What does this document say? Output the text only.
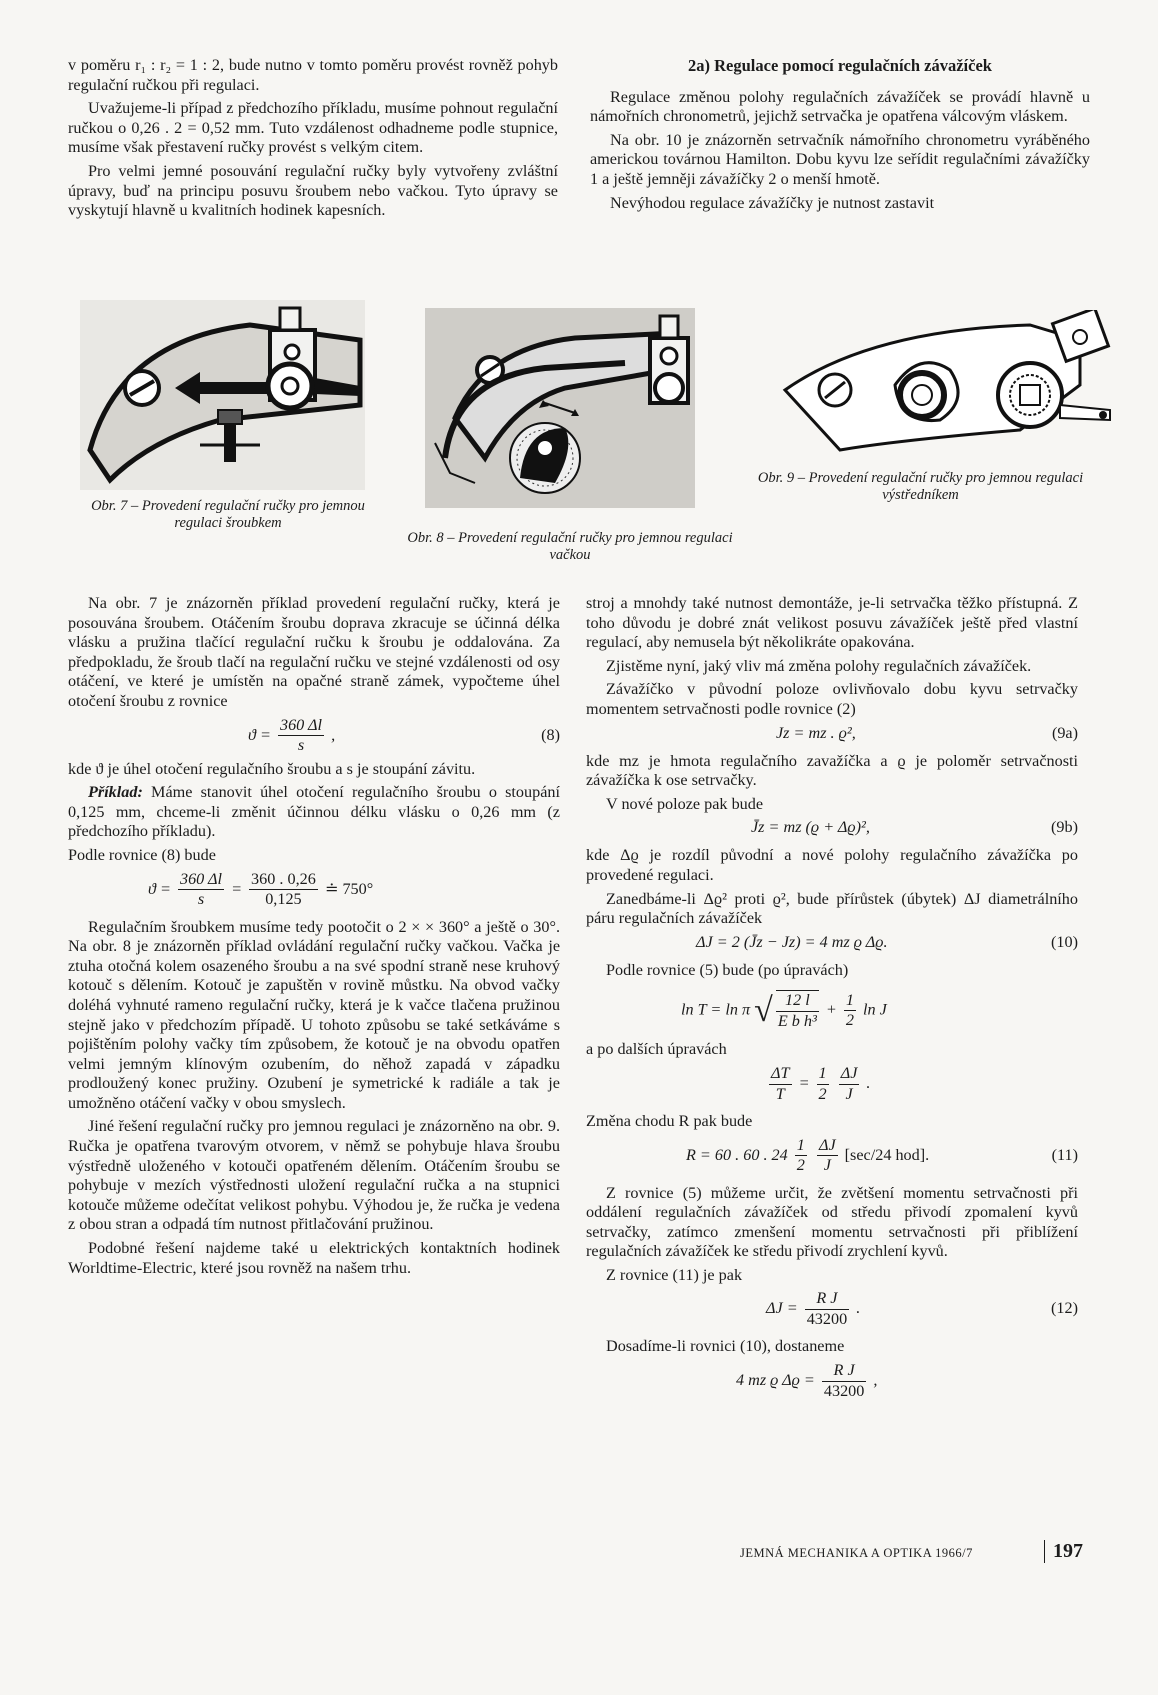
v poměru r₁ : r₂ = 1 : 2, bude nutno v tomto poměru provést rovněž pohyb regulační ručkou při regulaci.

Uvažujeme-li případ z předchozího příkladu, musíme pohnout regulační ručkou o 0,26 . 2 = 0,52 mm. Tuto vzdálenost odhadneme podle stupnice, musíme však přestavení ručky provést s velkým citem.

Pro velmi jemné posouvání regulační ručky byly vytvořeny zvláštní úpravy, buď na principu posuvu šroubem nebo vačkou. Tyto úpravy se vyskytují hlavně u kvalitních hodinek kapesních.

2a) Regulace pomocí regulačních závažíček

Regulace změnou polohy regulačních závažíček se provádí hlavně u námořních chronometrů, jejichž setrvačka je opatřena válcovým vláskem.

Na obr. 10 je znázorněn setrvačník námořního chronometru vyráběného americkou továrnou Hamilton. Dobu kyvu lze seřídit regulačními závažíčky 1 a ještě jemněji závažíčky 2 o menší hmotě.

Nevýhodou regulace závažíčky je nutnost zastavit

Obr. 7 – Provedení regulační ručky pro jemnou regulaci šroubkem
Obr. 8 – Provedení regulační ručky pro jemnou regulaci vačkou
Obr. 9 – Provedení regulační ručky pro jemnou regulaci výstředníkem

Na obr. 7 je znázorněn příklad provedení regulační ručky, která je posouvána šroubem. Otáčením šroubu doprava zkracuje se účinná délka vlásku a pružina tlačící regulační ručku k šroubu je oddalována. Za předpokladu, že šroub tlačí na regulační ručku ve stejné vzdálenosti od osy otáčení, ve které je umístěn na opačné straně zámek, vypočteme úhel otočení šroubu z rovnice

$ϑ = \frac{360 \Delta l}{s}$ ,	(8)

kde ϑ je úhel otočení regulačního šroubu a s je stoupání závitu.

Příklad: Máme stanovit úhel otočení regulačního šroubu o stoupání 0,125 mm, chceme-li změnit účinnou délku vlásku o 0,26 mm (z předchozího příkladu).

Podle rovnice (8) bude

$ϑ = \frac{360 \Delta l}{s} = \frac{360 . 0,26}{0,125}$ ≐ 750°

Regulačním šroubkem musíme tedy pootočit o 2 × × 360° a ještě o 30°. Na obr. 8 je znázorněn příklad ovládání regulační ručky vačkou. Vačka je ztuha otočná kolem osazeného šroubu a na své spodní straně nese kruhový kotouč s dělením. Kotouč je zapuštěn v rovině můstku. Na obvod vačky doléhá vyhnuté rameno regulační ručky, která je k vačce tlačena pružinou stejně jako v předchozím případě. U tohoto způsobu se také setkáváme s pojištěním polohy vačky tím způsobem, že kotouč je na obvodu opatřen velmi jemným klínovým ozubením, do něhož zapadá v západku prodloužený konec pružiny. Ozubení je symetrické k radiále a tak je umožněno otáčení vačky v obou smyslech.

Jiné řešení regulační ručky pro jemnou regulaci je znázorněno na obr. 9. Ručka je opatřena tvarovým otvorem, v němž se pohybuje hlava šroubu výstředně uloženého v kotouči opatřeném dělením. Otáčením šroubu se pohybuje v mezích výstřednosti uložení regulační ručka a na stupnici kotouče můžeme odečítat velikost pohybu. Výhodou je, že ručka je vedena z obou stran a odpadá tím nutnost přitlačování pružinou.

Podobné řešení najdeme také u elektrických kontaktních hodinek Worldtime-Electric, které jsou rovněž na našem trhu.

stroj a mnohdy také nutnost demontáže, je-li setrvačka těžko přístupná. Z toho důvodu je dobré znát velikost posuvu závažíček ještě před vlastní regulací, aby nemusela být několikráte opakována.

Zjistěme nyní, jaký vliv má změna polohy regulačních závažíček.

Závažíčko v původní poloze ovlivňovalo dobu kyvu setrvačky momentem setrvačnosti podle rovnice (2)

Jz = mz . ϱ²,	(9a)

kde mz je hmota regulačního zavažíčka a ϱ je poloměr setrvačnosti závažíčka k ose setrvačky.

V nové poloze pak bude

J̄z = mz (ϱ + Δϱ)²,	(9b)

kde Δϱ je rozdíl původní a nové polohy regulačního závažíčka po provedené regulaci.

Zanedbáme-li Δϱ² proti ϱ², bude přírůstek (úbytek) ΔJ diametrálního páru regulačních závažíček

ΔJ = 2 (J̄z − Jz) = 4 mz ϱ Δϱ.	(10)

Podle rovnice (5) bude (po úpravách)

ln T = ln π √ $\frac{12 l}{\text{E b h³}} + \frac{1}{2}$ ln J

a po dalších úpravách

$\frac{\Delta T}{T} = \frac{1}{2}$
$\frac{\Delta J}{J}$ .

Změna chodu R pak bude

R = 60 . 60 . $24 \frac{1}{2}$
$\frac{\Delta J}{J} [\sec/24$ hod].	(11)

Z rovnice (5) můžeme určit, že zvětšení momentu setrvačnosti při oddálení regulačních závažíček od středu přivodí zpomalení kyvů setrvačky, zatímco zmenšení momentu setrvačnosti při přiblížení regulačních závažíček ke středu přivodí zrychlení kyvů.

Z rovnice (11) je pak

$\Delta J = \frac{\text{R J}}{43200}$ .	(12)

Dosadíme-li rovnici (10), dostaneme

4 mz ϱ $\Delta ϱ = \frac{\text{R J}}{43200}$ ,
JEMNÁ MECHANIKA A OPTIKA 1966/7	197
